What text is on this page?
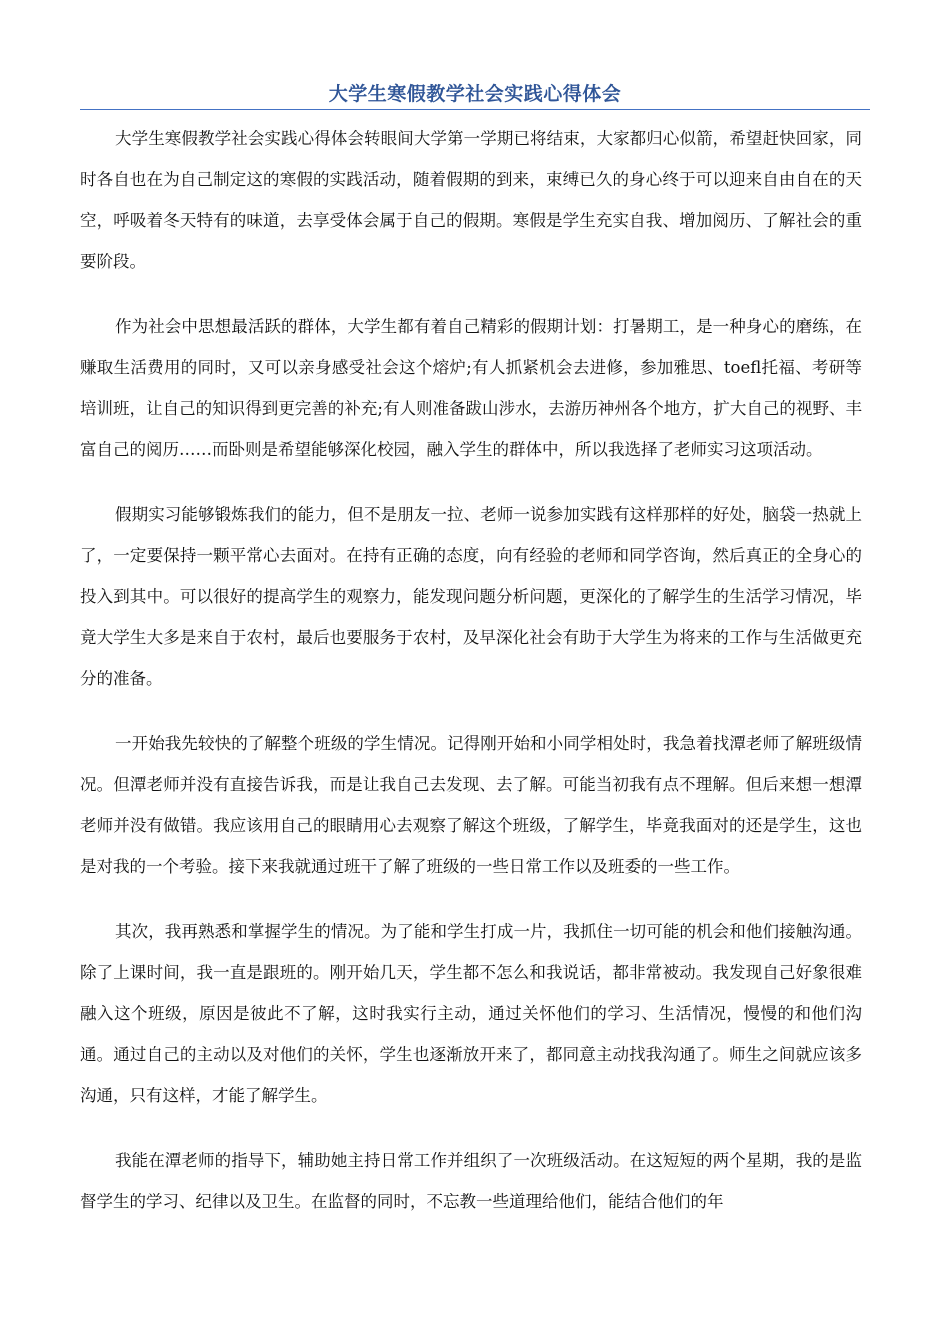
大学生寒假教学社会实践心得体会

大学生寒假教学社会实践心得体会转眼间大学第一学期已将结束，大家都归心似箭，希望赶快回家，同时各自也在为自己制定这的寒假的实践活动，随着假期的到来，束缚已久的身心终于可以迎来自由自在的天空，呼吸着冬天特有的味道，去享受体会属于自己的假期。寒假是学生充实自我、增加阅历、了解社会的重要阶段。

作为社会中思想最活跃的群体，大学生都有着自己精彩的假期计划：打暑期工，是一种身心的磨练，在赚取生活费用的同时，又可以亲身感受社会这个熔炉;有人抓紧机会去进修，参加雅思、toefl托福、考研等培训班，让自己的知识得到更完善的补充;有人则准备跋山涉水，去游历神州各个地方，扩大自己的视野、丰富自己的阅历……而卧则是希望能够深化校园，融入学生的群体中，所以我选择了老师实习这项活动。

假期实习能够锻炼我们的能力，但不是朋友一拉、老师一说参加实践有这样那样的好处，脑袋一热就上了，一定要保持一颗平常心去面对。在持有正确的态度，向有经验的老师和同学咨询，然后真正的全身心的投入到其中。可以很好的提高学生的观察力，能发现问题分析问题，更深化的了解学生的生活学习情况，毕竟大学生大多是来自于农村，最后也要服务于农村，及早深化社会有助于大学生为将来的工作与生活做更充分的准备。

一开始我先较快的了解整个班级的学生情况。记得刚开始和小同学相处时，我急着找潭老师了解班级情况。但潭老师并没有直接告诉我，而是让我自己去发现、去了解。可能当初我有点不理解。但后来想一想潭老师并没有做错。我应该用自己的眼睛用心去观察了解这个班级，了解学生，毕竟我面对的还是学生，这也是对我的一个考验。接下来我就通过班干了解了班级的一些日常工作以及班委的一些工作。

其次，我再熟悉和掌握学生的情况。为了能和学生打成一片，我抓住一切可能的机会和他们接触沟通。除了上课时间，我一直是跟班的。刚开始几天，学生都不怎么和我说话，都非常被动。我发现自己好象很难融入这个班级，原因是彼此不了解，这时我实行主动，通过关怀他们的学习、生活情况，慢慢的和他们沟通。通过自己的主动以及对他们的关怀，学生也逐渐放开来了，都同意主动找我沟通了。师生之间就应该多沟通，只有这样，才能了解学生。

我能在潭老师的指导下，辅助她主持日常工作并组织了一次班级活动。在这短短的两个星期，我的是监督学生的学习、纪律以及卫生。在监督的同时，不忘教一些道理给他们，能结合他们的年
